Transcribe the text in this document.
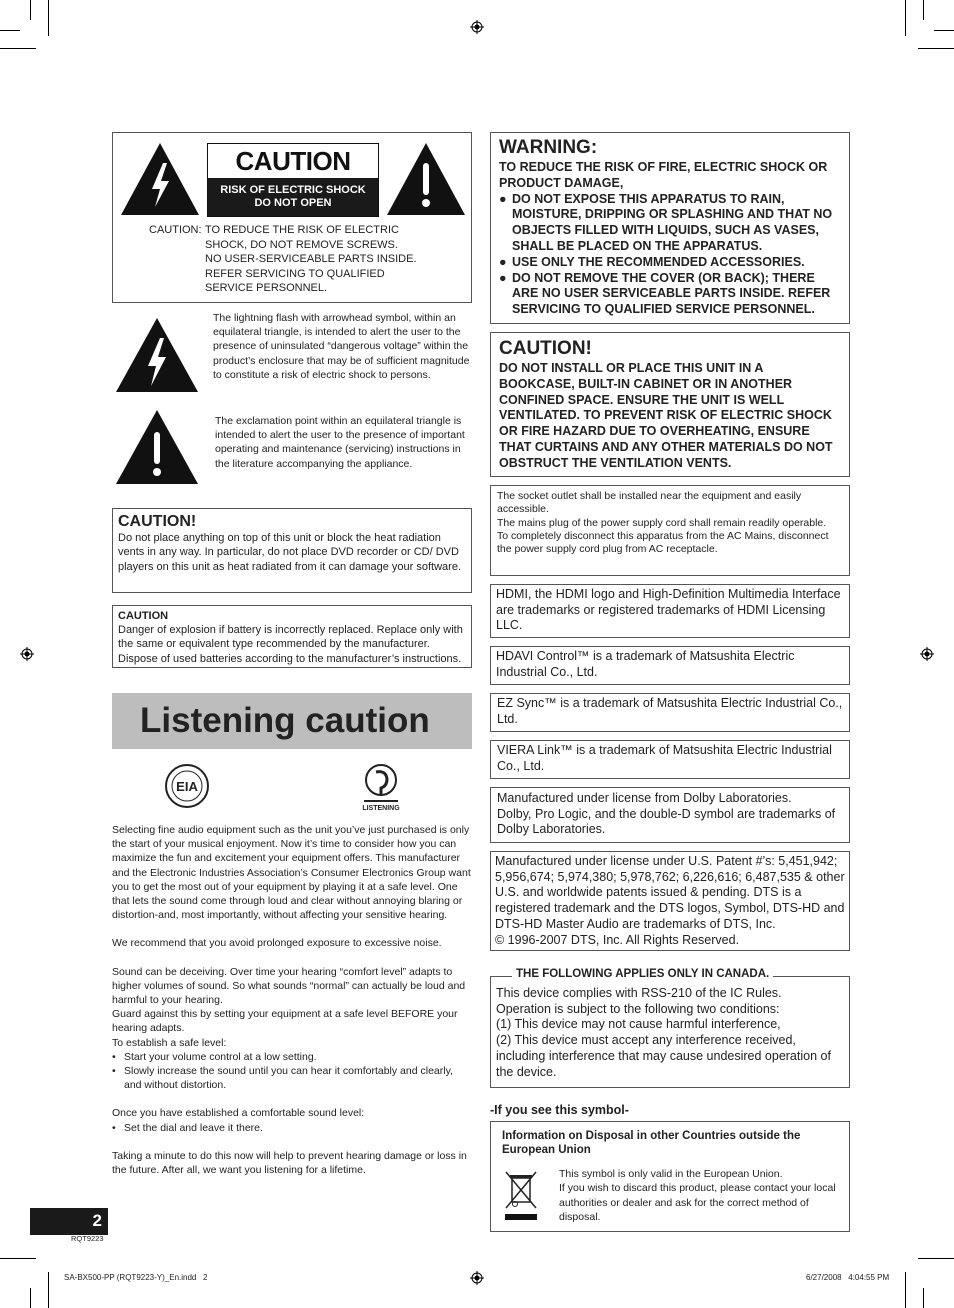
CAUTION
RISK OF ELECTRIC SHOCK
DO NOT OPEN
CAUTION: TO REDUCE THE RISK OF ELECTRIC
SHOCK, DO NOT REMOVE SCREWS.
NO USER-SERVICEABLE PARTS INSIDE.
REFER SERVICING TO QUALIFIED
SERVICE PERSONNEL.
The lightning flash with arrowhead symbol, within an equilateral triangle, is intended to alert the user to the presence of uninsulated “dangerous voltage” within the product’s enclosure that may be of sufficient magnitude to constitute a risk of electric shock to persons.
The exclamation point within an equilateral triangle is intended to alert the user to the presence of important operating and maintenance (servicing) instructions in the literature accompanying the appliance.
CAUTION!
Do not place anything on top of this unit or block the heat radiation vents in any way. In particular, do not place DVD recorder or CD/ DVD players on this unit as heat radiated from it can damage your software.
CAUTION
Danger of explosion if battery is incorrectly replaced. Replace only with the same or equivalent type recommended by the manufacturer. Dispose of used batteries according to the manufacturer’s instructions.
Listening caution
EIA
LISTENING
Selecting fine audio equipment such as the unit you’ve just purchased is only the start of your musical enjoyment. Now it’s time to consider how you can maximize the fun and excitement your equipment offers. This manufacturer and the Electronic Industries Association’s Consumer Electronics Group want you to get the most out of your equipment by playing it at a safe level. One that lets the sound come through loud and clear without annoying blaring or distortion-and, most importantly, without affecting your sensitive hearing.
We recommend that you avoid prolonged exposure to excessive noise.
Sound can be deceiving. Over time your hearing “comfort level” adapts to higher volumes of sound. So what sounds “normal” can actually be loud and harmful to your hearing.
Guard against this by setting your equipment at a safe level BEFORE your hearing adapts.
To establish a safe level:
• Start your volume control at a low setting.
• Slowly increase the sound until you can hear it comfortably and clearly, and without distortion.
Once you have established a comfortable sound level:
• Set the dial and leave it there.
Taking a minute to do this now will help to prevent hearing damage or loss in the future. After all, we want you listening for a lifetime.
2
RQT9223
WARNING:
TO REDUCE THE RISK OF FIRE, ELECTRIC SHOCK OR PRODUCT DAMAGE,
● DO NOT EXPOSE THIS APPARATUS TO RAIN, MOISTURE, DRIPPING OR SPLASHING AND THAT NO OBJECTS FILLED WITH LIQUIDS, SUCH AS VASES, SHALL BE PLACED ON THE APPARATUS.
● USE ONLY THE RECOMMENDED ACCESSORIES.
● DO NOT REMOVE THE COVER (OR BACK); THERE ARE NO USER SERVICEABLE PARTS INSIDE. REFER SERVICING TO QUALIFIED SERVICE PERSONNEL.
CAUTION!
DO NOT INSTALL OR PLACE THIS UNIT IN A BOOKCASE, BUILT-IN CABINET OR IN ANOTHER CONFINED SPACE. ENSURE THE UNIT IS WELL VENTILATED. TO PREVENT RISK OF ELECTRIC SHOCK OR FIRE HAZARD DUE TO OVERHEATING, ENSURE THAT CURTAINS AND ANY OTHER MATERIALS DO NOT OBSTRUCT THE VENTILATION VENTS.
The socket outlet shall be installed near the equipment and easily accessible.
The mains plug of the power supply cord shall remain readily operable.
To completely disconnect this apparatus from the AC Mains, disconnect the power supply cord plug from AC receptacle.
HDMI, the HDMI logo and High-Definition Multimedia Interface are trademarks or registered trademarks of HDMI Licensing LLC.
HDAVI Control™ is a trademark of Matsushita Electric Industrial Co., Ltd.
EZ Sync™ is a trademark of Matsushita Electric Industrial Co., Ltd.
VIERA Link™ is a trademark of Matsushita Electric Industrial Co., Ltd.
Manufactured under license from Dolby Laboratories.
Dolby, Pro Logic, and the double-D symbol are trademarks of Dolby Laboratories.
Manufactured under license under U.S. Patent #’s: 5,451,942; 5,956,674; 5,974,380; 5,978,762; 6,226,616; 6,487,535 & other U.S. and worldwide patents issued & pending. DTS is a registered trademark and the DTS logos, Symbol, DTS-HD and DTS-HD Master Audio are trademarks of DTS, Inc.
© 1996-2007 DTS, Inc. All Rights Reserved.
This device complies with RSS-210 of the IC Rules.
Operation is subject to the following two conditions:
(1) This device may not cause harmful interference,
(2) This device must accept any interference received, including interference that may cause undesired operation of the device.
THE FOLLOWING APPLIES ONLY IN CANADA.
-If you see this symbol-
Information on Disposal in other Countries outside the European Union
This symbol is only valid in the European Union.
If you wish to discard this product, please contact your local authorities or dealer and ask for the correct method of disposal.
SA-BX500-PP (RQT9223-Y)_En.indd   2	6/27/2008   4:04:55 PM
